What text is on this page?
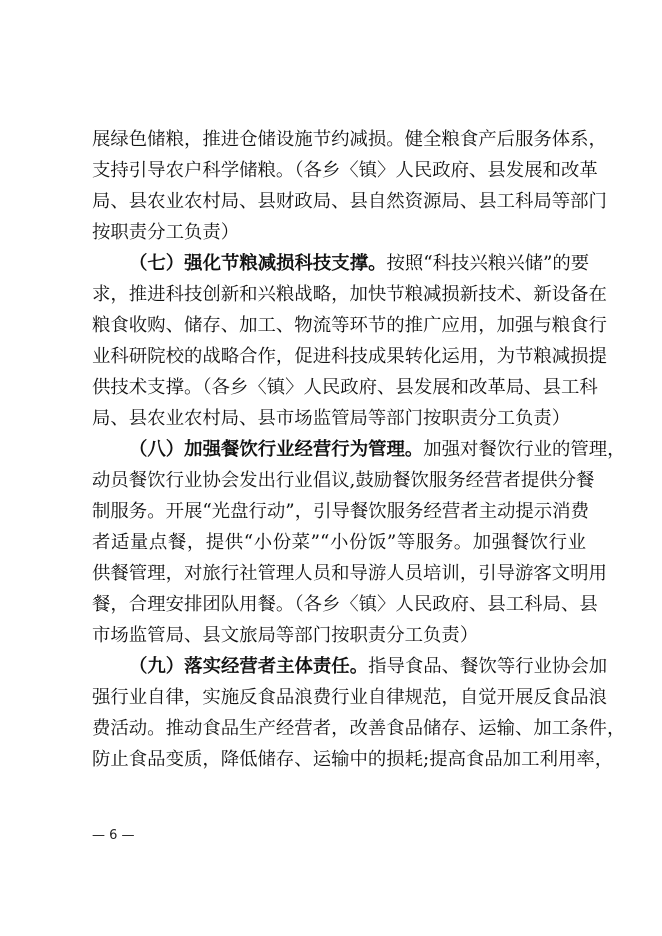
展绿色储粮，推进仓储设施节约减损。健全粮食产后服务体系，
支持引导农户科学储粮。（各乡〈镇〉人民政府、县发展和改革
局、县农业农村局、县财政局、县自然资源局、县工科局等部门
按职责分工负责）
（七）强化节粮减损科技支撑。按照“科技兴粮兴储”的要
求，推进科技创新和兴粮战略，加快节粮减损新技术、新设备在
粮食收购、储存、加工、物流等环节的推广应用，加强与粮食行
业科研院校的战略合作，促进科技成果转化运用，为节粮减损提
供技术支撑。（各乡〈镇〉人民政府、县发展和改革局、县工科
局、县农业农村局、县市场监管局等部门按职责分工负责）
（八）加强餐饮行业经营行为管理。加强对餐饮行业的管理，
动员餐饮行业协会发出行业倡议,鼓励餐饮服务经营者提供分餐
制服务。开展“光盘行动”，引导餐饮服务经营者主动提示消费
者适量点餐，提供“小份菜”“小份饭”等服务。加强餐饮行业
供餐管理，对旅行社管理人员和导游人员培训，引导游客文明用
餐，合理安排团队用餐。（各乡〈镇〉人民政府、县工科局、县
市场监管局、县文旅局等部门按职责分工负责）
（九）落实经营者主体责任。指导食品、餐饮等行业协会加
强行业自律，实施反食品浪费行业自律规范，自觉开展反食品浪
费活动。推动食品生产经营者，改善食品储存、运输、加工条件，
防止食品变质，降低储存、运输中的损耗;提高食品加工利用率，
— 6 —
